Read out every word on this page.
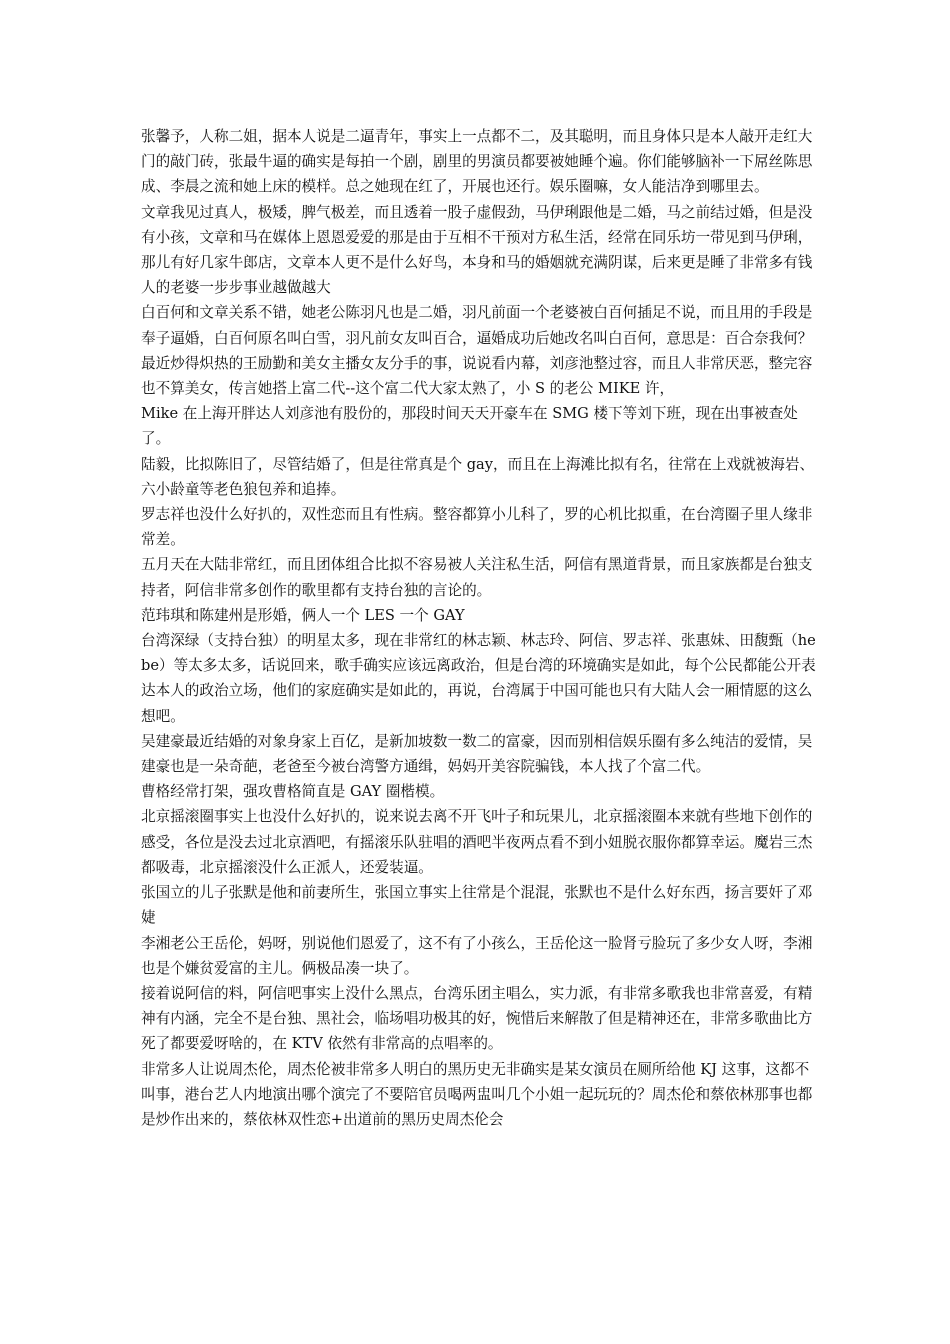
张馨予，人称二姐，据本人说是二逼青年，事实上一点都不二，及其聪明，而且身体只是本人敲开走红大门的敲门砖，张最牛逼的确实是每拍一个剧，剧里的男演员都要被她睡个遍。你们能够脑补一下屌丝陈思成、李晨之流和她上床的模样。总之她现在红了，开展也还行。娱乐圈嘛，女人能洁净到哪里去。

文章我见过真人，极矮，脾气极差，而且透着一股子虚假劲，马伊琍跟他是二婚，马之前结过婚，但是没有小孩，文章和马在媒体上恩恩爱爱的那是由于互相不干预对方私生活，经常在同乐坊一带见到马伊琍，那儿有好几家牛郎店，文章本人更不是什么好鸟，本身和马的婚姻就充满阴谋，后来更是睡了非常多有钱人的老婆一步步事业越做越大

白百何和文章关系不错，她老公陈羽凡也是二婚，羽凡前面一个老婆被白百何插足不说，而且用的手段是奉子逼婚，白百何原名叫白雪，羽凡前女友叫百合，逼婚成功后她改名叫白百何，意思是：百合奈我何？

最近炒得炽热的王励勤和美女主播女友分手的事，说说看内幕，刘彦池整过容，而且人非常厌恶，整完容也不算美女，传言她搭上富二代--这个富二代大家太熟了，小 S 的老公 MIKE 许，

Mike 在上海开胖达人刘彦池有股份的，那段时间天天开豪车在 SMG 楼下等刘下班，现在出事被查处了。

陆毅，比拟陈旧了，尽管结婚了，但是往常真是个 gay，而且在上海滩比拟有名，往常在上戏就被海岩、六小龄童等老色狼包养和追捧。

罗志祥也没什么好扒的，双性恋而且有性病。整容都算小儿科了，罗的心机比拟重，在台湾圈子里人缘非常差。

五月天在大陆非常红，而且团体组合比拟不容易被人关注私生活，阿信有黑道背景，而且家族都是台独支持者，阿信非常多创作的歌里都有支持台独的言论的。

范玮琪和陈建州是形婚，俩人一个 LES 一个 GAY

台湾深绿（支持台独）的明星太多，现在非常红的林志颖、林志玲、阿信、罗志祥、张惠妹、田馥甄（hebe）等太多太多，话说回来，歌手确实应该远离政治，但是台湾的环境确实是如此，每个公民都能公开表达本人的政治立场，他们的家庭确实是如此的，再说，台湾属于中国可能也只有大陆人会一厢情愿的这么想吧。

吴建豪最近结婚的对象身家上百亿，是新加坡数一数二的富豪，因而别相信娱乐圈有多么纯洁的爱情，吴建豪也是一朵奇葩，老爸至今被台湾警方通缉，妈妈开美容院骗钱，本人找了个富二代。

曹格经常打架，强攻曹格简直是 GAY 圈楷模。

北京摇滚圈事实上也没什么好扒的，说来说去离不开飞叶子和玩果儿，北京摇滚圈本来就有些地下创作的感受，各位是没去过北京酒吧，有摇滚乐队驻唱的酒吧半夜两点看不到小妞脱衣服你都算幸运。魔岩三杰都吸毒，北京摇滚没什么正派人，还爱装逼。

张国立的儿子张默是他和前妻所生，张国立事实上往常是个混混，张默也不是什么好东西，扬言要奸了邓婕

李湘老公王岳伦，妈呀，别说他们恩爱了，这不有了小孩么，王岳伦这一脸肾亏脸玩了多少女人呀，李湘也是个嫌贫爱富的主儿。俩极品凑一块了。

接着说阿信的料，阿信吧事实上没什么黑点，台湾乐团主唱么，实力派，有非常多歌我也非常喜爱，有精神有内涵，完全不是台独、黑社会，临场唱功极其的好，惋惜后来解散了但是精神还在，非常多歌曲比方死了都要爱呀啥的，在 KTV 依然有非常高的点唱率的。

非常多人让说周杰伦，周杰伦被非常多人明白的黑历史无非确实是某女演员在厕所给他 KJ 这事，这都不叫事，港台艺人内地演出哪个演完了不要陪官员喝两盅叫几个小姐一起玩玩的？周杰伦和蔡依林那事也都是炒作出来的，蔡依林双性恋+出道前的黑历史周杰伦会
